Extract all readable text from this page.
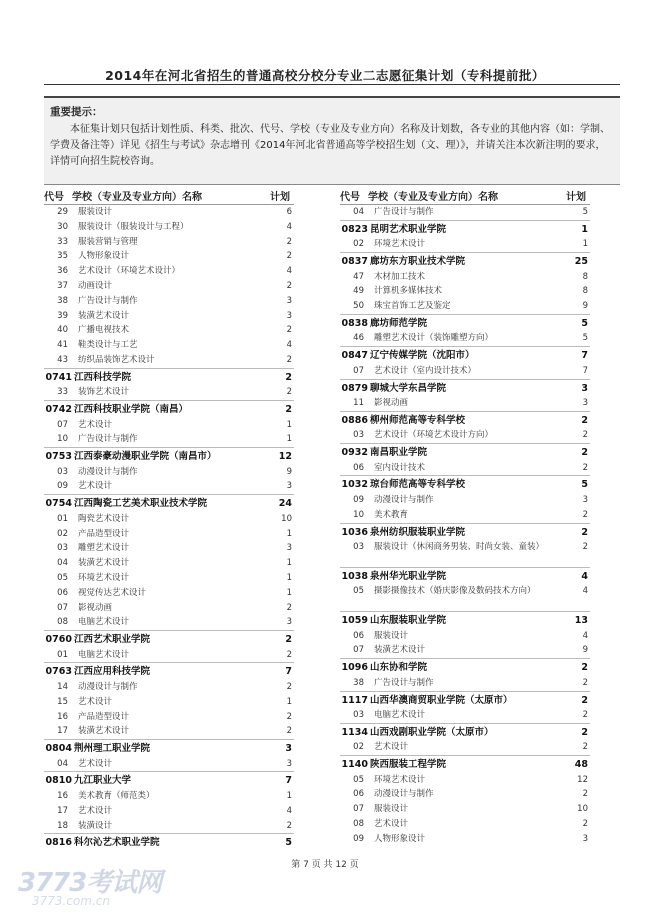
2014年在河北省招生的普通高校分校分专业二志愿征集计划（专科提前批）
重要提示：
本征集计划只包括计划性质、科类、批次、代号、学校（专业及专业方向）名称及计划数，各专业的其他内容（如：学制、学费及备注等）详见《招生与考试》杂志增刊《2014年河北省普通高等学校招生划（文、理）》，并请关注本次新注明的要求，详情可向招生院校咨询。
代号 学校（专业及专业方向）名称	计划
29 服装设计	6
30 服装设计（服装设计与工程）	4
33 服装营销与管理	2
35 人物形象设计	2
36 艺术设计（环境艺术设计）	4
37 动画设计	2
38 广告设计与制作	3
39 装潢艺术设计	3
40 广播电视技术	2
41 鞋类设计与工艺	4
43 纺织品装饰艺术设计	2
0741 江西科技学院	2
33 装饰艺术设计	2
0742 江西科技职业学院（南昌）	2
07 艺术设计	1
10 广告设计与制作	1
0753 江西泰豪动漫职业学院（南昌市）	12
03 动漫设计与制作	9
09 艺术设计	3
0754 江西陶瓷工艺美术职业技术学院	24
01 陶瓷艺术设计	10
02 产品造型设计	1
03 雕塑艺术设计	3
04 装潢艺术设计	1
05 环境艺术设计	1
06 视觉传达艺术设计	1
07 影视动画	2
08 电脑艺术设计	3
0760 江西艺术职业学院	2
01 电脑艺术设计	2
0763 江西应用科技学院	7
14 动漫设计与制作	2
15 艺术设计	1
16 产品造型设计	2
17 装潢艺术设计	2
0804 荆州理工职业学院	3
04 艺术设计	3
0810 九江职业大学	7
16 美术教育（师范类）	1
17 艺术设计	4
18 装潢设计	2
0816 科尔沁艺术职业学院	5
代号 学校（专业及专业方向）名称	计划
04 广告设计与制作	5
0823 昆明艺术职业学院	1
02 环境艺术设计	1
0837 廊坊东方职业技术学院	25
47 木材加工技术	8
49 计算机多媒体技术	8
50 珠宝首饰工艺及鉴定	9
0838 廊坊师范学院	5
46 雕塑艺术设计（装饰雕塑方向）	5
0847 辽宁传媒学院（沈阳市）	7
07 艺术设计（室内设计技术）	7
0879 聊城大学东昌学院	3
11 影视动画	3
0886 柳州师范高等专科学校	2
03 艺术设计（环境艺术设计方向）	2
0932 南昌职业学院	2
06 室内设计技术	2
1032 琼台师范高等专科学校	5
09 动漫设计与制作	3
10 美术教育	2
1036 泉州纺织服装职业学院	2
03 服装设计（休闲商务男装、时尚女装、童装）	2
1038 泉州华光职业学院	4
05 摄影摄像技术（婚庆影像及数码技术方向）	4
1059 山东服装职业学院	13
06 服装设计	4
07 装潢艺术设计	9
1096 山东协和学院	2
38 广告设计与制作	2
1117 山西华澳商贸职业学院（太原市）	2
03 电脑艺术设计	2
1134 山西戏剧职业学院（太原市）	2
02 艺术设计	2
1140 陕西服装工程学院	48
05 环境艺术设计	12
06 动漫设计与制作	2
07 服装设计	10
08 艺术设计	2
09 人物形象设计	3
第 7 页 共 12 页
3773考试网
3773.com.cn
